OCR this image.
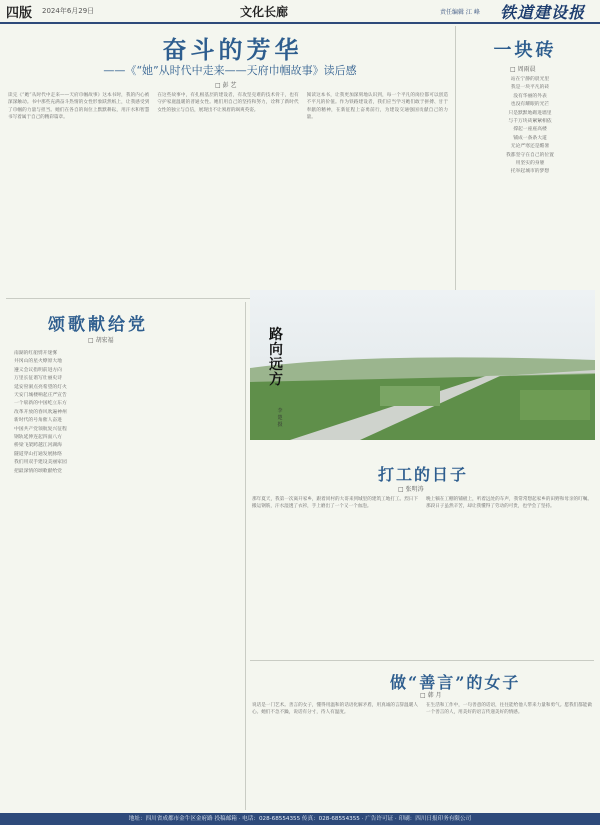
四版 2024年6月29日	文化长廊	责任编辑 江 峰 铁道建设报
奋斗的芳华
——《“她”从时代中走来——天府巾帼故事》读后感
□ 彭 艺

读完《“她”从时代中走来——天府巾帼故事》这本书时，我的内心被深深触动。书中那些充满奋斗热情的女性形象跃然纸上，让我感受到了巾帼的力量与担当。她们在各自的岗位上默默耕耘，用汗水和智慧书写着属于自己的精彩篇章。

在这些故事中，有扎根基层的建设者，有攻坚克难的技术骨干，也有守护家庭温暖的普通女性。她们用自己的坚持和努力，诠释了新时代女性的独立与自信，展现出不让须眉的飒爽英姿。

阅读这本书，让我更加深刻地认识到，每一个平凡的岗位都可以创造不平凡的价值。作为铁路建设者，我们应当学习她们敢于拼搏、甘于奉献的精神，在新征程上奋勇前行，为建设交通强国贡献自己的力量。

一块砖
□ 周雨晨
站在宁静的晨光里
我是一块平凡的砖
没有华丽的外表
也没有耀眼的光芒
只是默默地砌进墙里
与千万块砖紧紧相依
撑起一座座高楼
铺成一条条大道
无论严寒还是酷暑
我都坚守在自己的位置
用坚实的身躯
托举起城市的梦想
颂歌献给党
□ 胡宏福
南湖的红船劈开迷雾
井冈山的星火燎原大地
遵义会议指明前进方向
万里长征谱写壮丽史诗
延安窑洞点亮希望的灯火
天安门城楼响起庄严宣告
一个崭新的中国屹立东方
改革开放的春风吹遍神州
新时代的号角催人奋进
中国共产党领航复兴征程
钢轨延伸连起四面八方
桥梁飞架跨越江河湖海
隧道穿山打通发展脉络
我们用双手建设美丽家园
把最深情的颂歌献给党
路向远方
李楚 摄
打工的日子
□ 张明涛

那年夏天，我第一次离开家乡，跟着同村的大哥来到城里的建筑工地打工。烈日下搬运钢筋，汗水湿透了衣衫，手上磨出了一个又一个血泡。

晚上躺在工棚的铺板上，听着远处的车声，我常常想起家乡的田野和母亲的叮嘱。那段日子虽然辛苦，却让我懂得了劳动的可贵，也学会了坚持。

做“善言”的女子
□ 韩 月

说话是一门艺术。善言的女子，懂得用温和的话语化解矛盾，用真诚的言辞温暖人心。她们不急不躁，说话有分寸，待人有温度。

在生活和工作中，一句善意的话语，往往能给他人带来力量和勇气。愿我们都能做一个善言的人，用美好的语言传递美好的情感。

地址：四川省成都市金牛区金府路 投稿邮箱 · 电话：028-68554355 传真：028-68554355 · 广告许可证 · 印刷：四川日报印务有限公司
